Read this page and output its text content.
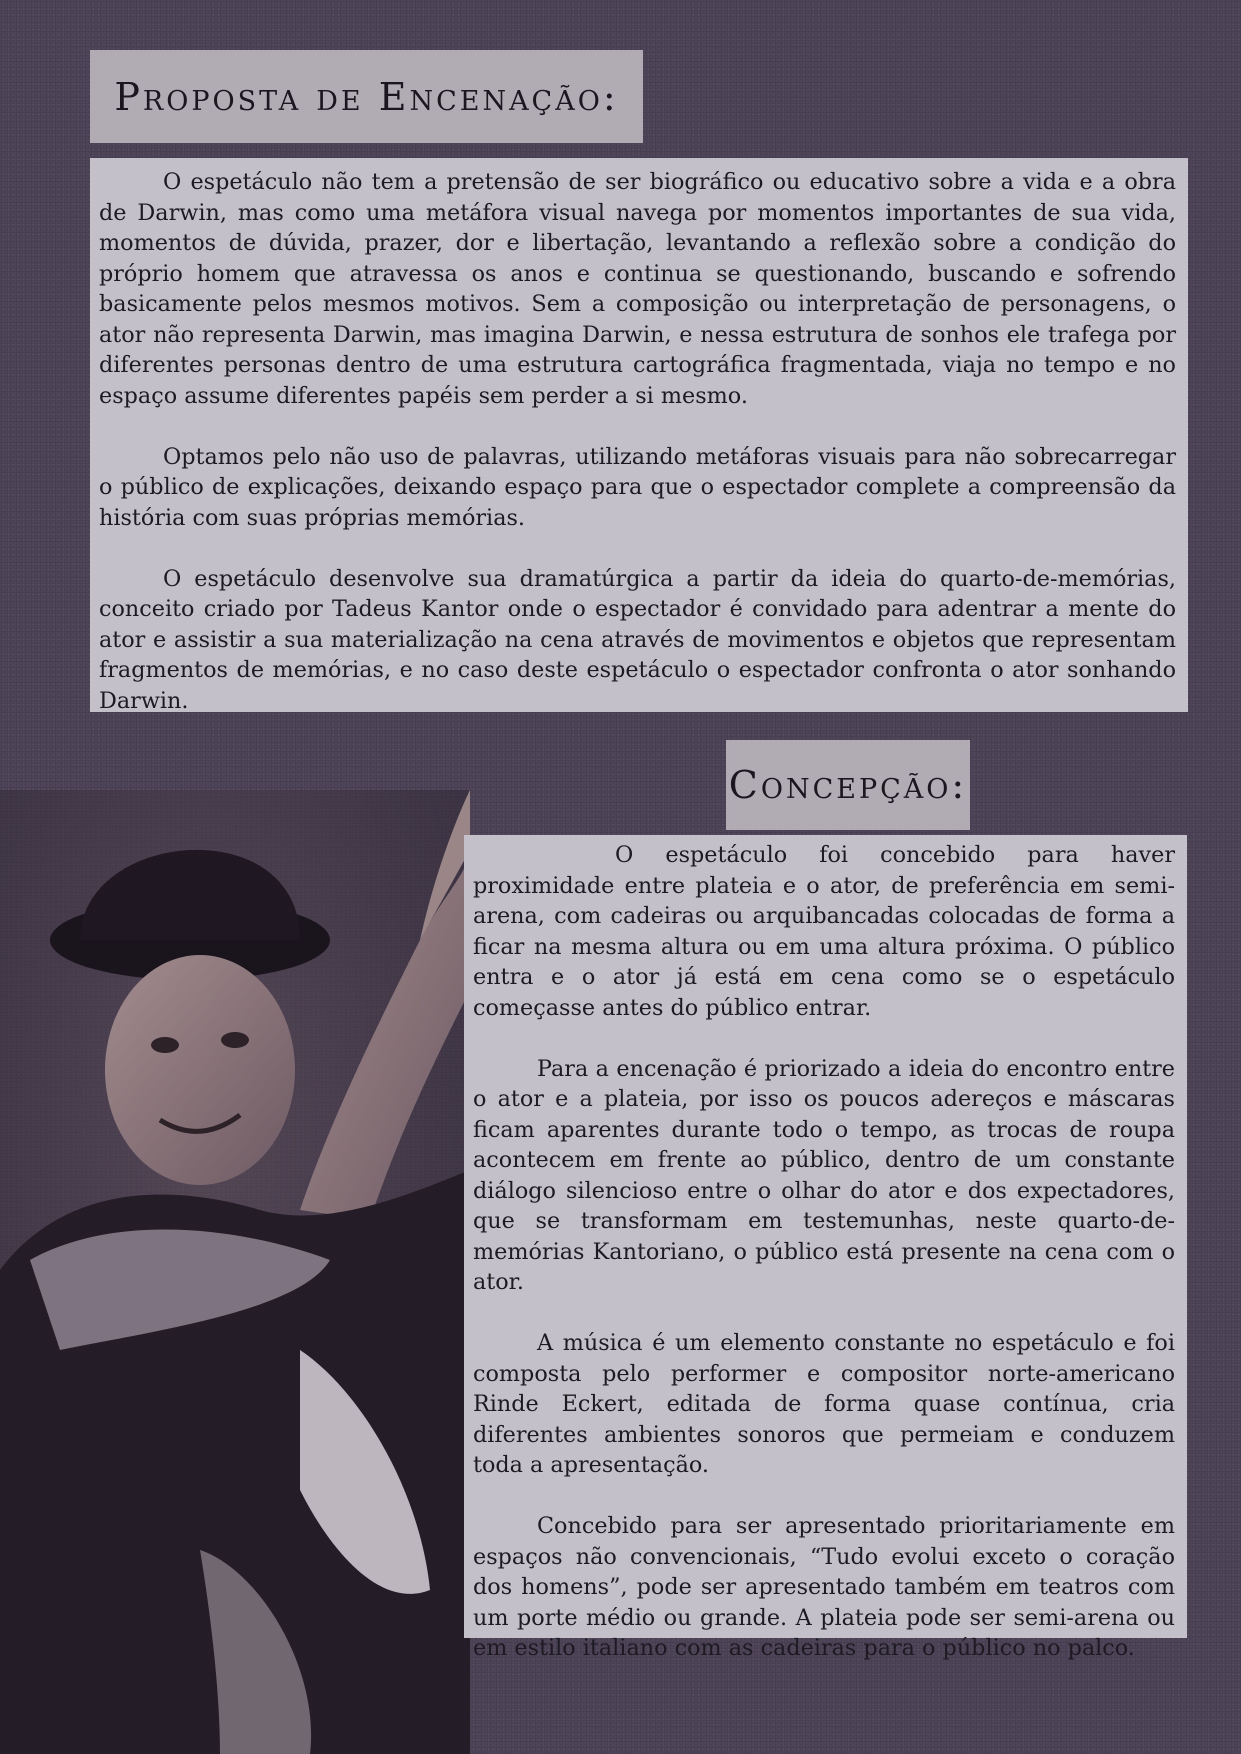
Proposta de Encenação:

O espetáculo não tem a pretensão de ser biográfico ou educativo sobre a vida e a obra de Darwin, mas como uma metáfora visual navega por momentos importantes de sua vida, momentos de dúvida, prazer, dor e libertação, levantando a reflexão sobre a condição do próprio homem que atravessa os anos e continua se questionando, buscando e sofrendo basicamente pelos mesmos motivos. Sem a composição ou interpretação de personagens, o ator não representa Darwin, mas imagina Darwin, e nessa estrutura de sonhos ele trafega por diferentes personas dentro de uma estrutura cartográfica fragmentada, viaja no tempo e no espaço assume diferentes papéis sem perder a si mesmo.

Optamos pelo não uso de palavras, utilizando metáforas visuais para não sobrecarregar o público de explicações, deixando espaço para que o espectador complete a compreensão da história com suas próprias memórias.

O espetáculo desenvolve sua dramatúrgica a partir da ideia do quarto-de-memórias, conceito criado por Tadeus Kantor onde o espectador é convidado para adentrar a mente do ator e assistir a sua materialização na cena através de movimentos e objetos que representam fragmentos de memórias, e no caso deste espetáculo o espectador confronta o ator sonhando Darwin.

Concepção:

O espetáculo foi concebido para haver proximidade entre plateia e o ator, de preferência em semi-arena, com cadeiras ou arquibancadas colocadas de forma a ficar na mesma altura ou em uma altura próxima. O público entra e o ator já está em cena como se o espetáculo começasse antes do público entrar.

Para a encenação é priorizado a ideia do encontro entre o ator e a plateia, por isso os poucos adereços e máscaras ficam aparentes durante todo o tempo, as trocas de roupa acontecem em frente ao público, dentro de um constante diálogo silencioso entre o olhar do ator e dos expectadores, que se transformam em testemunhas, neste quarto-de-memórias Kantoriano, o público está presente na cena com o ator.

A música é um elemento constante no espetáculo e foi composta pelo performer e compositor norte-americano Rinde Eckert, editada de forma quase contínua, cria diferentes ambientes sonoros que permeiam e conduzem toda a apresentação.

Concebido para ser apresentado prioritariamente em espaços não convencionais, “Tudo evolui exceto o coração dos homens”, pode ser apresentado também em teatros com um porte médio ou grande. A plateia pode ser semi-arena ou em estilo italiano com as cadeiras para o público no palco.
